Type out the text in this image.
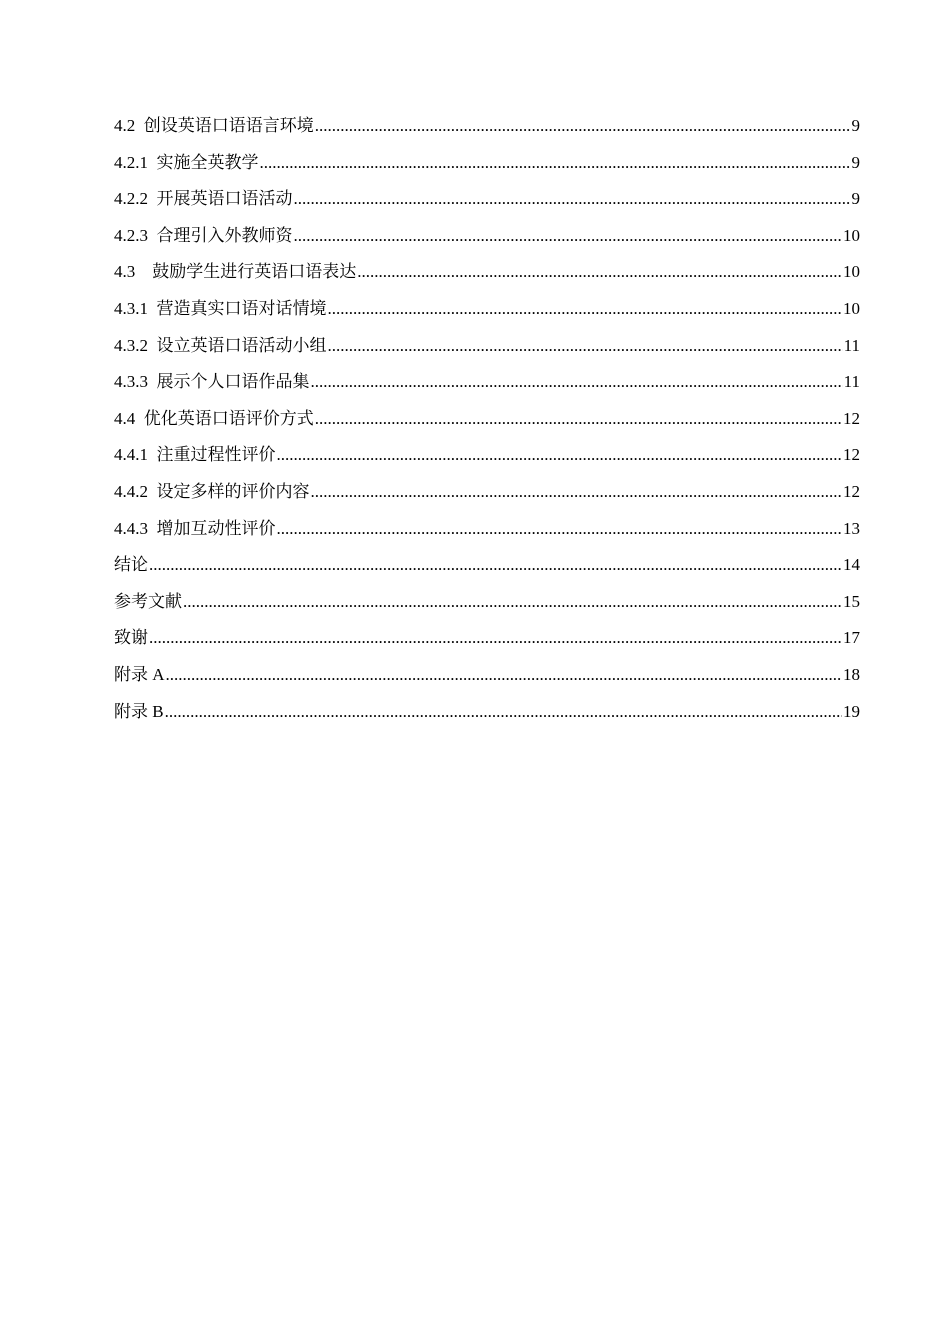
4.2  创设英语口语语言环境 .....	9
4.2.1  实施全英教学 .....	9
4.2.2  开展英语口语活动 .....	9
4.2.3  合理引入外教师资 .....	10
4.3    鼓励学生进行英语口语表达 .....	10
4.3.1  营造真实口语对话情境 .....	10
4.3.2  设立英语口语活动小组 .....	11
4.3.3  展示个人口语作品集 .....	11
4.4  优化英语口语评价方式 .....	12
4.4.1  注重过程性评价 .....	12
4.4.2  设定多样的评价内容 .....	12
4.4.3  增加互动性评价 .....	13
结论 .....	14
参考文献 .....	15
致谢 .....	17
附录 A .....	18
附录 B .....	19
